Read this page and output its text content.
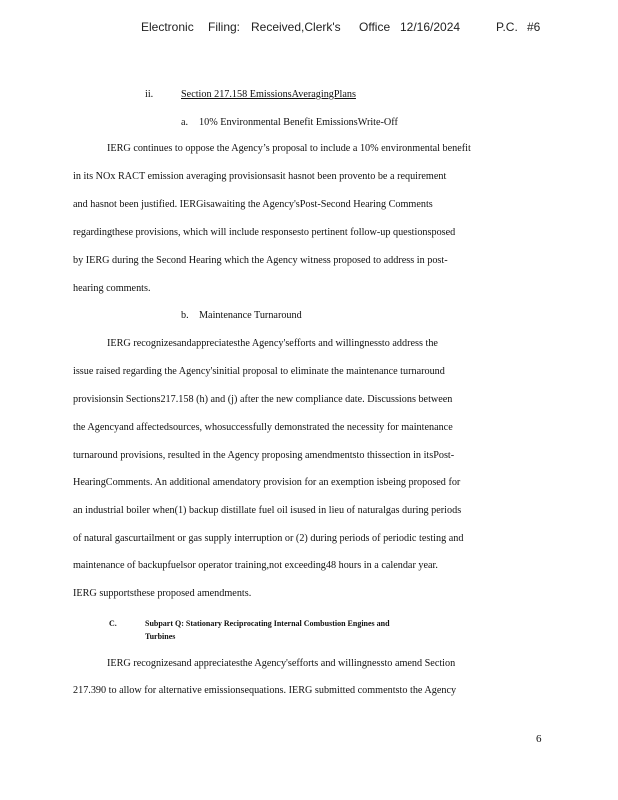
Electronic Filing: Received,Clerk's Office 12/16/2024	P.C. #6
ii.	Section 217.158 EmissionsAveragingPlans
a. 10% Environmental Benefit EmissionsWrite-Off
IERG continues to oppose the Agency’s proposal to include a 10% environmental benefit
in its NOx RACT emission averaging provisionsasit hasnot been provento be a requirement
and hasnot been justified. IERGisawaiting the Agency'sPost-Second Hearing Comments
regardingthese provisions, which will include responsesto pertinent follow-up questionsposed
by IERG during the Second Hearing which the Agency witness proposed to address in post-
hearing comments.
b. Maintenance Turnaround
IERG recognizesandappreciatesthe Agency'sefforts and willingnessto address the
issue raised regarding the Agency'sinitial proposal to eliminate the maintenance turnaround
provisionsin Sections217.158 (h) and (j) after the new compliance date. Discussions between
the Agencyand affectedsources, whosuccessfully demonstrated the necessity for maintenance
turnaround provisions, resulted in the Agency proposing amendmentsto thissection in itsPost-
HearingComments. An additional amendatory provision for an exemption isbeing proposed for
an industrial boiler when(1) backup distillate fuel oil isused in lieu of naturalgas during periods
of natural gascurtailment or gas supply interruption or (2) during periods of periodic testing and
maintenance of backupfuelsor operator training,not exceeding48 hours in a calendar year.
IERG supportsthese proposed amendments.
C.	Subpart Q: Stationary Reciprocating Internal Combustion Engines and
Turbines
IERG recognizesand appreciatesthe Agency'sefforts and willingnessto amend Section
217.390 to allow for alternative emissionsequations. IERG submitted commentsto the Agency
6
